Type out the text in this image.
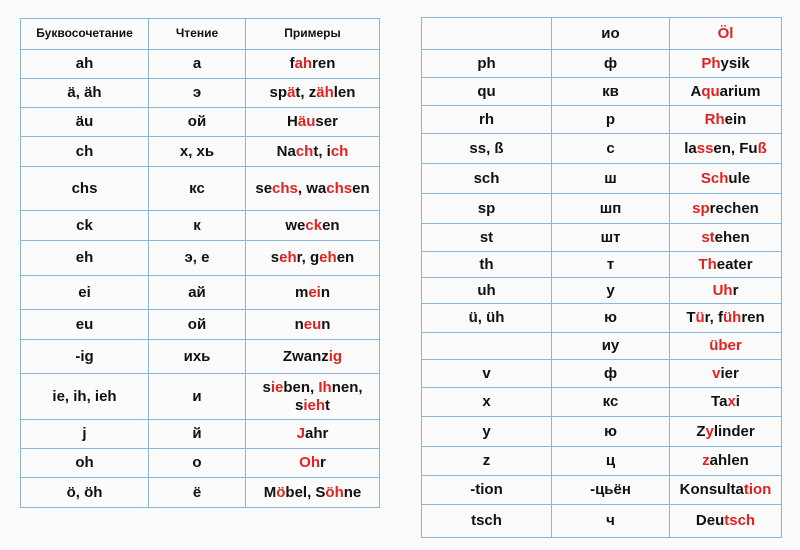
Буквосочетание	Чтение	Примеры
ah	а	fahren
ä, äh	э	spät, zählen
äu	ой	Häuser
ch	х, хь	Nacht, ich
chs	кс	sechs, wachsen
ck	к	wecken
eh	э, е	sehr, gehen
ei	ай	mein
eu	ой	neun
-ig	ихь	Zwanzig
ie, ih, ieh	и	sieben, Ihnen, sieht
j	й	Jahr
oh	о	Ohr
ö, öh	ё	Möbel, Söhne
	ио	Öl
ph	ф	Physik
qu	кв	Aquarium
rh	р	Rhein
ss, ß	с	lassen, Fuß
sch	ш	Schule
sp	шп	sprechen
st	шт	stehen
th	т	Theater
uh	у	Uhr
ü, üh	ю	Tür, führen
	иу	über
v	ф	vier
x	кс	Taxi
y	ю	Zylinder
z	ц	zahlen
-tion	-цьён	Konsultation
tsch	ч	Deutsch
